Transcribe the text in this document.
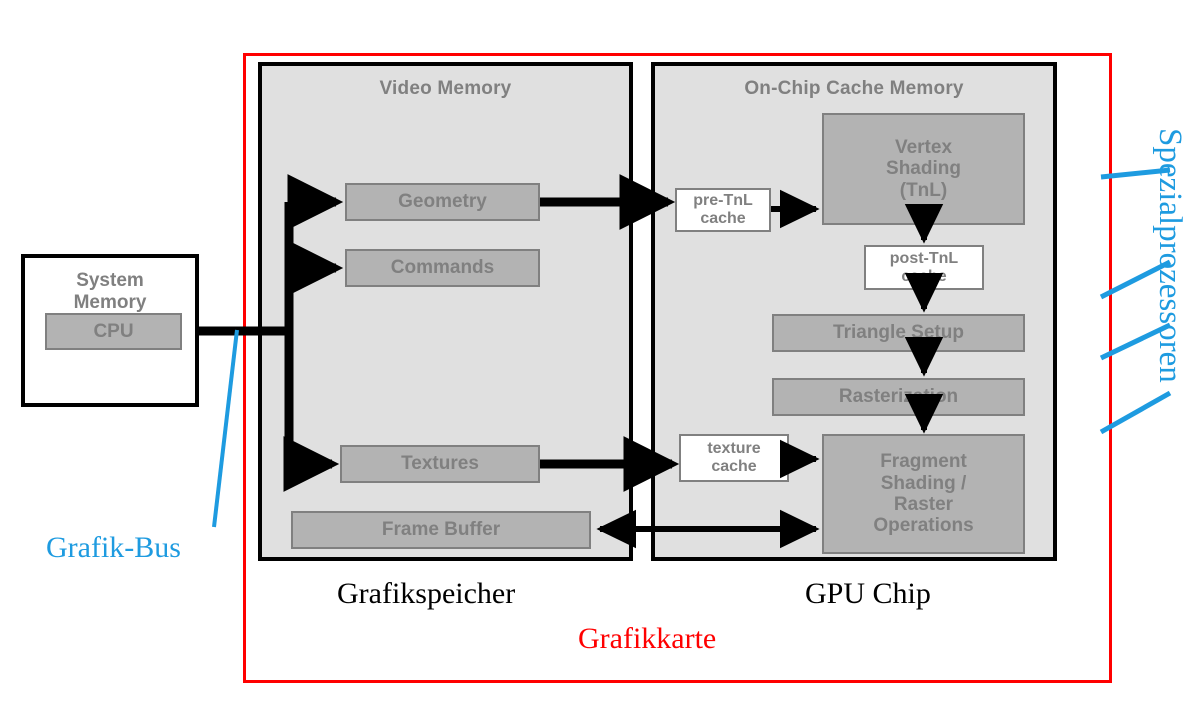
System
Memory
CPU
Video Memory
Geometry
Commands
Textures
Frame Buffer
On-Chip Cache Memory
pre-TnL
cache
post-TnL
cache
texture
cache
Vertex
Shading
(TnL)
Triangle Setup
Rasterization
Fragment
Shading /
Raster
Operations
Grafik-Bus
Grafikspeicher	GPU Chip
Grafikkarte
Spezialprozessoren
